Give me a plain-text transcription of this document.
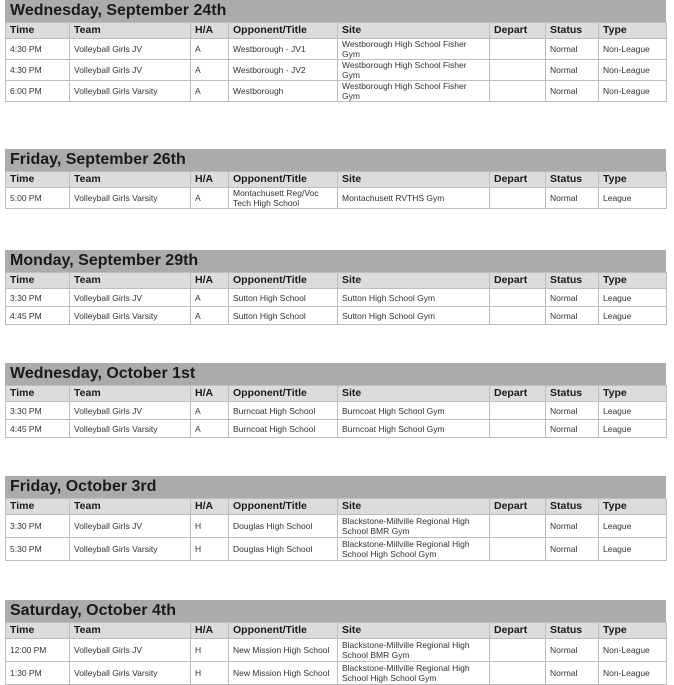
Wednesday, September 24th
Time	Team	H/A	Opponent/Title	Site	Depart	Status	Type
4:30 PM	Volleyball Girls JV	A	Westborough - JV1	Westborough High School Fisher Gym		Normal	Non-League
4:30 PM	Volleyball Girls JV	A	Westborough - JV2	Westborough High School Fisher Gym		Normal	Non-League
6:00 PM	Volleyball Girls Varsity	A	Westborough	Westborough High School Fisher Gym		Normal	Non-League
Friday, September 26th
Time	Team	H/A	Opponent/Title	Site	Depart	Status	Type
5:00 PM	Volleyball Girls Varsity	A	Montachusett Reg/Voc Tech High School	Montachusett RVTHS Gym		Normal	League
Monday, September 29th
Time	Team	H/A	Opponent/Title	Site	Depart	Status	Type
3:30 PM	Volleyball Girls JV	A	Sutton High School	Sutton High School Gym		Normal	League
4:45 PM	Volleyball Girls Varsity	A	Sutton High School	Sutton High School Gym		Normal	League
Wednesday, October 1st
Time	Team	H/A	Opponent/Title	Site	Depart	Status	Type
3:30 PM	Volleyball Girls JV	A	Burncoat High School	Burncoat High School Gym		Normal	League
4:45 PM	Volleyball Girls Varsity	A	Burncoat High School	Burncoat High School Gym		Normal	League
Friday, October 3rd
Time	Team	H/A	Opponent/Title	Site	Depart	Status	Type
3:30 PM	Volleyball Girls JV	H	Douglas High School	Blackstone-Millville Regional High School BMR Gym		Normal	League
5:30 PM	Volleyball Girls Varsity	H	Douglas High School	Blackstone-Millville Regional High School High School Gym		Normal	League
Saturday, October 4th
Time	Team	H/A	Opponent/Title	Site	Depart	Status	Type
12:00 PM	Volleyball Girls JV	H	New Mission High School	Blackstone-Millville Regional High School BMR Gym		Normal	Non-League
1:30 PM	Volleyball Girls Varsity	H	New Mission High School	Blackstone-Millville Regional High School High School Gym		Normal	Non-League
